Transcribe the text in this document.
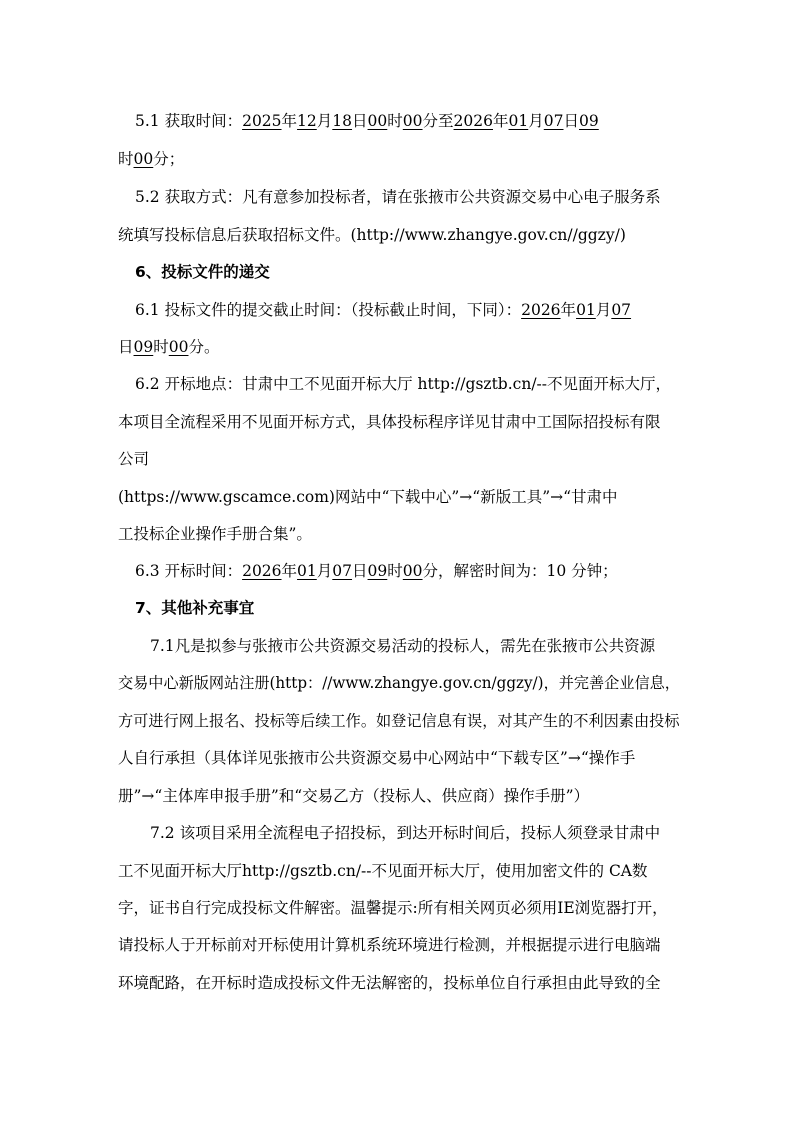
5.1 获取时间：2025年12月18日00时00分至2026年01月07日09
时00分；
5.2 获取方式：凡有意参加投标者，请在张掖市公共资源交易中心电子服务系
统填写投标信息后获取招标文件。(http://www.zhangye.gov.cn//ggzy/)
6、投标文件的递交
6.1 投标文件的提交截止时间：（投标截止时间，下同）：2026年01月07
日09时00分。
6.2 开标地点：甘肃中工不见面开标大厅 http://gsztb.cn/--不见面开标大厅，
本项目全流程采用不见面开标方式，具体投标程序详见甘肃中工国际招投标有限
公司
(https://www.gscamce.com)网站中“下载中心”→“新版工具”→“甘肃中
工投标企业操作手册合集”。
6.3 开标时间：2026年01月07日09时00分，解密时间为：10 分钟；
7、其他补充事宜
7.1凡是拟参与张掖市公共资源交易活动的投标人，需先在张掖市公共资源
交易中心新版网站注册(http：//www.zhangye.gov.cn/ggzy/)，并完善企业信息，
方可进行网上报名、投标等后续工作。如登记信息有误，对其产生的不利因素由投标
人自行承担（具体详见张掖市公共资源交易中心网站中“下载专区”→“操作手
册”→“主体库申报手册”和“交易乙方（投标人、供应商）操作手册”）
7.2 该项目采用全流程电子招投标，到达开标时间后，投标人须登录甘肃中
工不见面开标大厅http://gsztb.cn/--不见面开标大厅，使用加密文件的 CA数
字，证书自行完成投标文件解密。温馨提示:所有相关网页必须用IE浏览器打开，
请投标人于开标前对开标使用计算机系统环境进行检测，并根据提示进行电脑端
环境配路，在开标时造成投标文件无法解密的，投标单位自行承担由此导致的全
